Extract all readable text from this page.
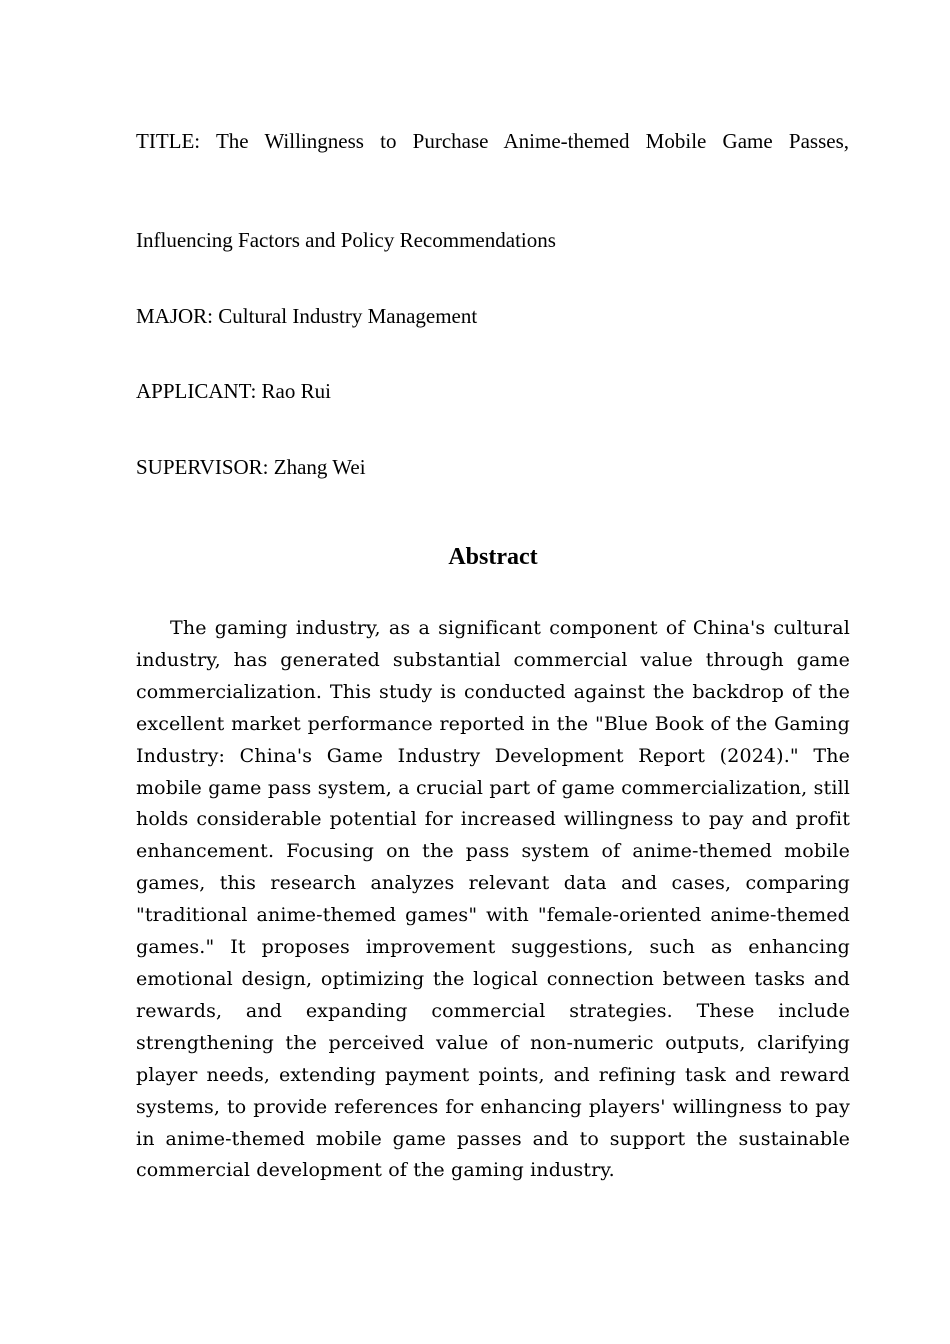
TITLE: The Willingness to Purchase Anime-themed Mobile Game Passes,
Influencing Factors and Policy Recommendations
MAJOR: Cultural Industry Management
APPLICANT: Rao Rui
SUPERVISOR: Zhang Wei
Abstract

The gaming industry, as a significant component of China's cultural industry, has generated substantial commercial value through game commercialization. This study is conducted against the backdrop of the excellent market performance reported in the "Blue Book of the Gaming Industry: China's Game Industry Development Report (2024)." The mobile game pass system, a crucial part of game commercialization, still holds considerable potential for increased willingness to pay and profit enhancement. Focusing on the pass system of anime-themed mobile games, this research analyzes relevant data and cases, comparing "traditional anime-themed games" with "female-oriented anime-themed games." It proposes improvement suggestions, such as enhancing emotional design, optimizing the logical connection between tasks and rewards, and expanding commercial strategies. These include strengthening the perceived value of non-numeric outputs, clarifying player needs, extending payment points, and refining task and reward systems, to provide references for enhancing players' willingness to pay in anime-themed mobile game passes and to support the sustainable commercial development of the gaming industry.
